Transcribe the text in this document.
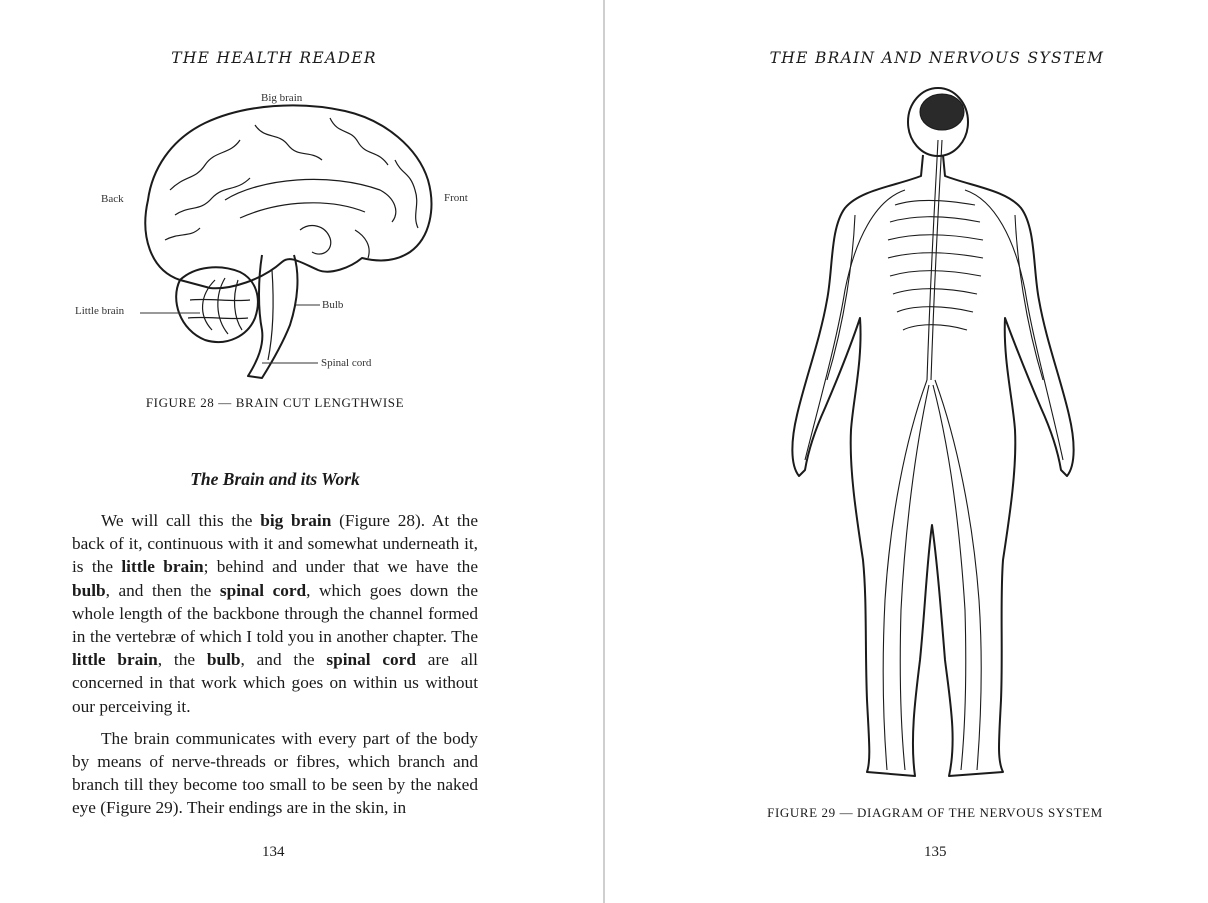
THE HEALTH READER
Big brain
Back	Front
Little brain	Bulb
Spinal cord
FIGURE 28 — BRAIN CUT LENGTHWISE
The Brain and its Work

We will call this the big brain (Figure 28). At the back of it, continuous with it and somewhat underneath it, is the little brain; behind and under that we have the bulb, and then the spinal cord, which goes down the whole length of the backbone through the channel formed in the vertebræ of which I told you in another chapter. The little brain, the bulb, and the spinal cord are all concerned in that work which goes on within us without our perceiving it.

The brain communicates with every part of the body by means of nerve-threads or fibres, which branch and branch till they become too small to be seen by the naked eye (Figure 29). Their endings are in the skin, in

134
THE BRAIN AND NERVOUS SYSTEM
FIGURE 29 — DIAGRAM OF THE NERVOUS SYSTEM
135
